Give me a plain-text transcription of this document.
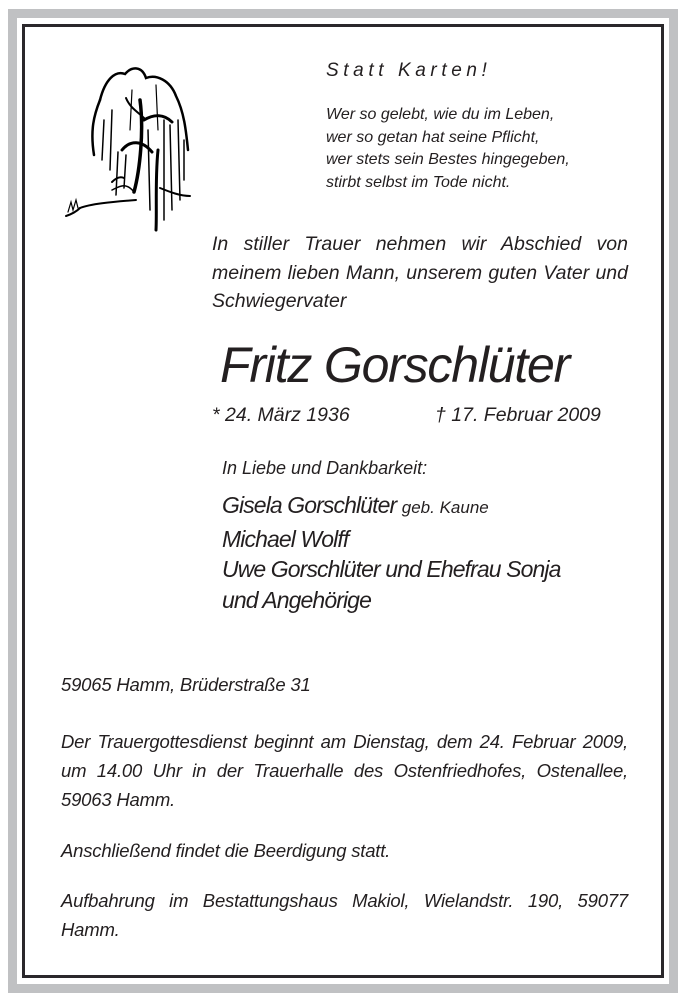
Statt Karten!
Wer so gelebt, wie du im Leben,
wer so getan hat seine Pflicht,
wer stets sein Bestes hingegeben,
stirbt selbst im Tode nicht.
In stiller Trauer nehmen wir Abschied von meinem lieben Mann, unserem guten Vater und Schwiegervater
Fritz Gorschlüter
* 24. März 1936	† 17. Februar 2009
In Liebe und Dankbarkeit:
Gisela Gorschlüter geb. Kaune
Michael Wolff
Uwe Gorschlüter und Ehefrau Sonja
und Angehörige
59065 Hamm, Brüderstraße 31
Der Trauergottesdienst beginnt am Dienstag, dem 24. Februar 2009, um 14.00 Uhr in der Trauerhalle des Ostenfriedhofes, Ostenallee, 59063 Hamm.
Anschließend findet die Beerdigung statt.
Aufbahrung im Bestattungshaus Makiol, Wielandstr. 190, 59077 Hamm.
